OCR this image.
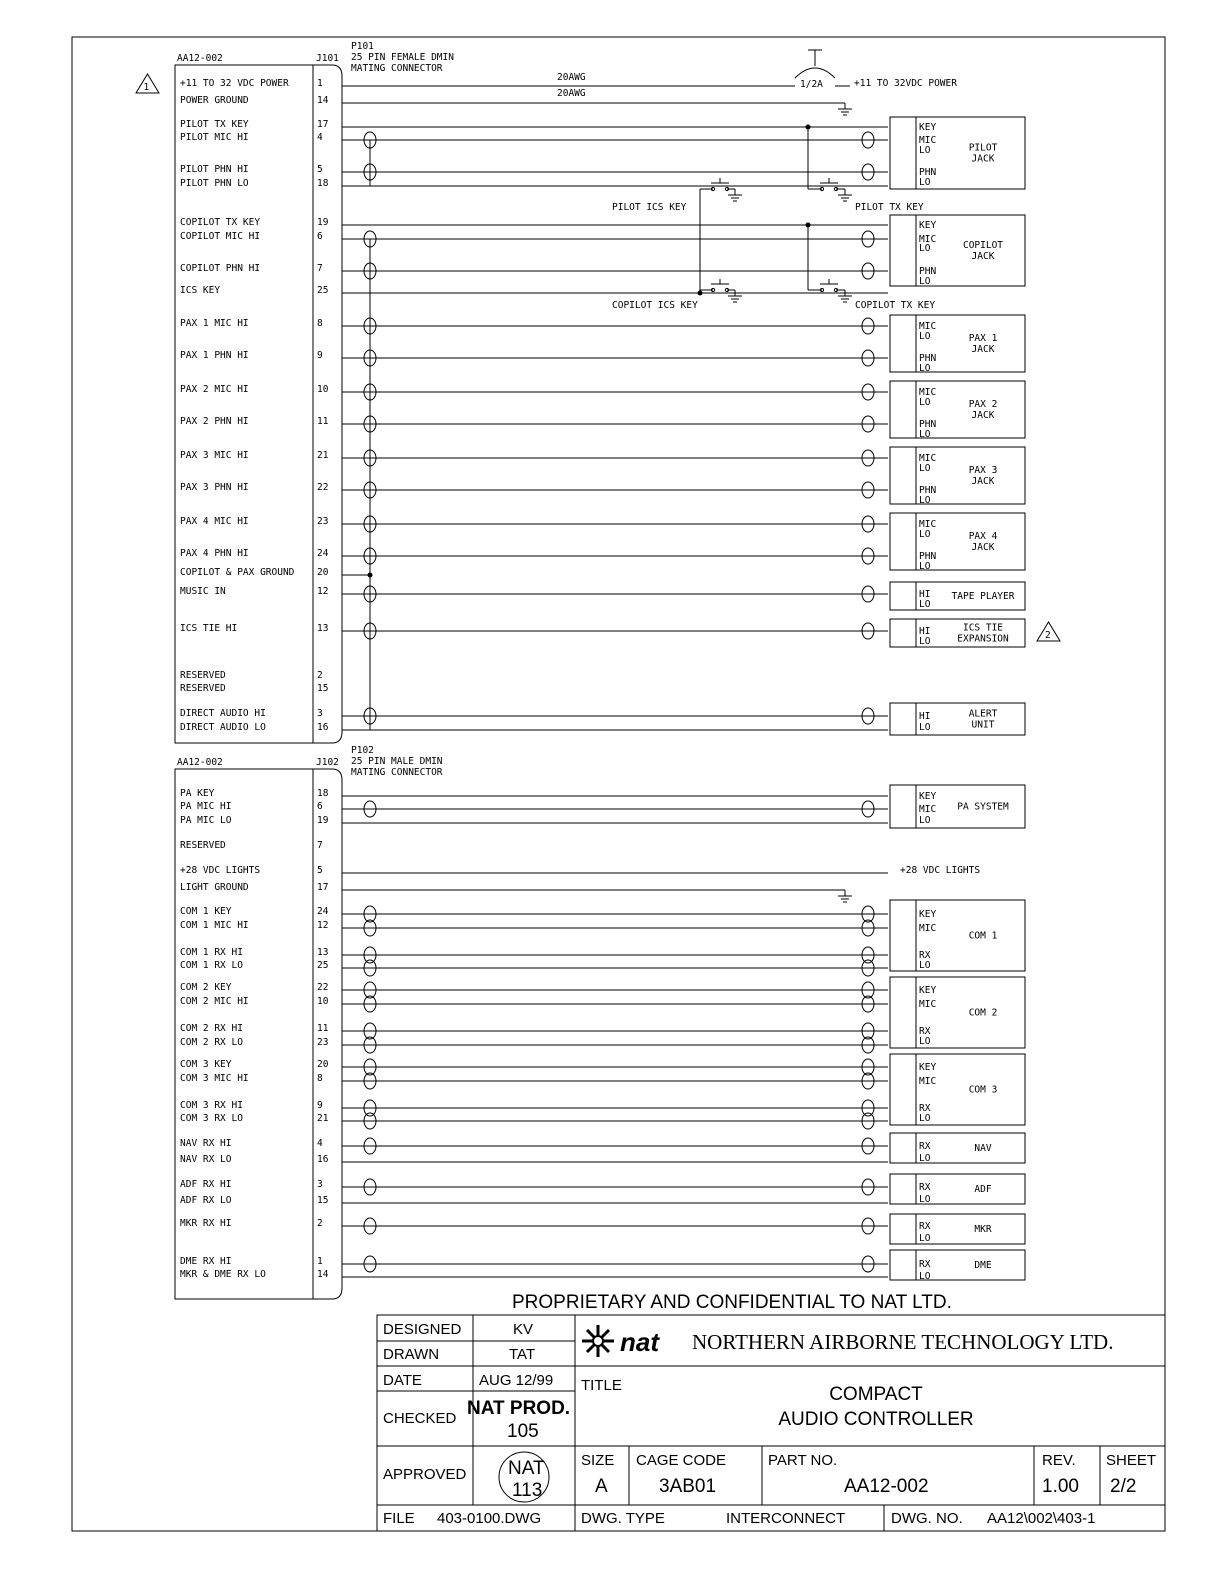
1
2
AA12-002	J101
P101
25 PIN FEMALE DMIN
MATING CONNECTOR
+11 TO 32 VDC POWER	1
POWER GROUND	14
PILOT TX KEY	17
PILOT MIC HI	4
PILOT PHN HI	5
PILOT PHN LO	18
COPILOT TX KEY	19
COPILOT MIC HI	6
COPILOT PHN HI	7
ICS KEY	25
PAX 1 MIC HI	8
PAX 1 PHN HI	9
PAX 2 MIC HI	10
PAX 2 PHN HI	11
PAX 3 MIC HI	21
PAX 3 PHN HI	22
PAX 4 MIC HI	23
PAX 4 PHN HI	24
COPILOT & PAX GROUND 20
MUSIC IN	12
ICS TIE HI	13
RESERVED	2
RESERVED	15
DIRECT AUDIO HI	3
DIRECT AUDIO LO	16
AA12-002	J102
P102
25 PIN MALE DMIN
MATING CONNECTOR
PA KEY	18
PA MIC HI	6
PA MIC LO	19
RESERVED	7
+28 VDC LIGHTS	5
LIGHT GROUND	17
COM 1 KEY	24
COM 1 MIC HI	12
COM 1 RX HI	13
COM 1 RX LO	25
COM 2 KEY	22
COM 2 MIC HI	10
COM 2 RX HI	11
COM 2 RX LO	23
COM 3 KEY	20
COM 3 MIC HI	8
COM 3 RX HI	9
COM 3 RX LO	21
NAV RX HI	4
NAV RX LO	16
ADF RX HI	3
ADF RX LO	15
MKR RX HI	2
DME RX HI	1
MKR & DME RX LO	14
20AWG
20AWG
1/2A	+11 TO 32VDC POWER
PILOT ICS KEY
COPILOT ICS KEY
PILOT TX KEY
COPILOT TX KEY
+28 VDC LIGHTS
KEY
MIC
LO
PHN
LO
PILOT
JACK
KEY
MIC
LO
PHN
LO
COPILOT
JACK
MIC
LO
PHN
LO
PAX 1
JACK
MIC
LO
PHN
LO
PAX 2
JACK
MIC
LO
PHN
LO
PAX 3
JACK
MIC
LO
PHN
LO
PAX 4
JACK
HI
LO
TAPE PLAYER
HI
LO
ICS TIE
EXPANSION
HI
LO
ALERT
UNIT
KEY
MIC
LO
PA SYSTEM
KEY
MIC
RX
LO
COM 1
KEY
MIC
RX
LO
COM 2
KEY
MIC
RX
LO
COM 3
RX
LO
NAV
RX
LO
ADF
RX
LO
MKR
RX
LO
DME
PROPRIETARY AND CONFIDENTIAL TO NAT LTD.
DESIGNED	KV
DRAWN	TAT
DATE	AUG 12/99
CHECKED NAT PROD.
105
APPROVED NAT
113
FILE 403-0100.DWG
nat NORTHERN AIRBORNE TECHNOLOGY LTD.
TITLE	COMPACT
AUDIO CONTROLLER
SIZE
A
CAGE CODE
3AB01
PART NO.
AA12-002
REV.
1.00
SHEET
2/2
DWG. TYPE	INTERCONNECT	DWG. NO. AA12\002\403-1
